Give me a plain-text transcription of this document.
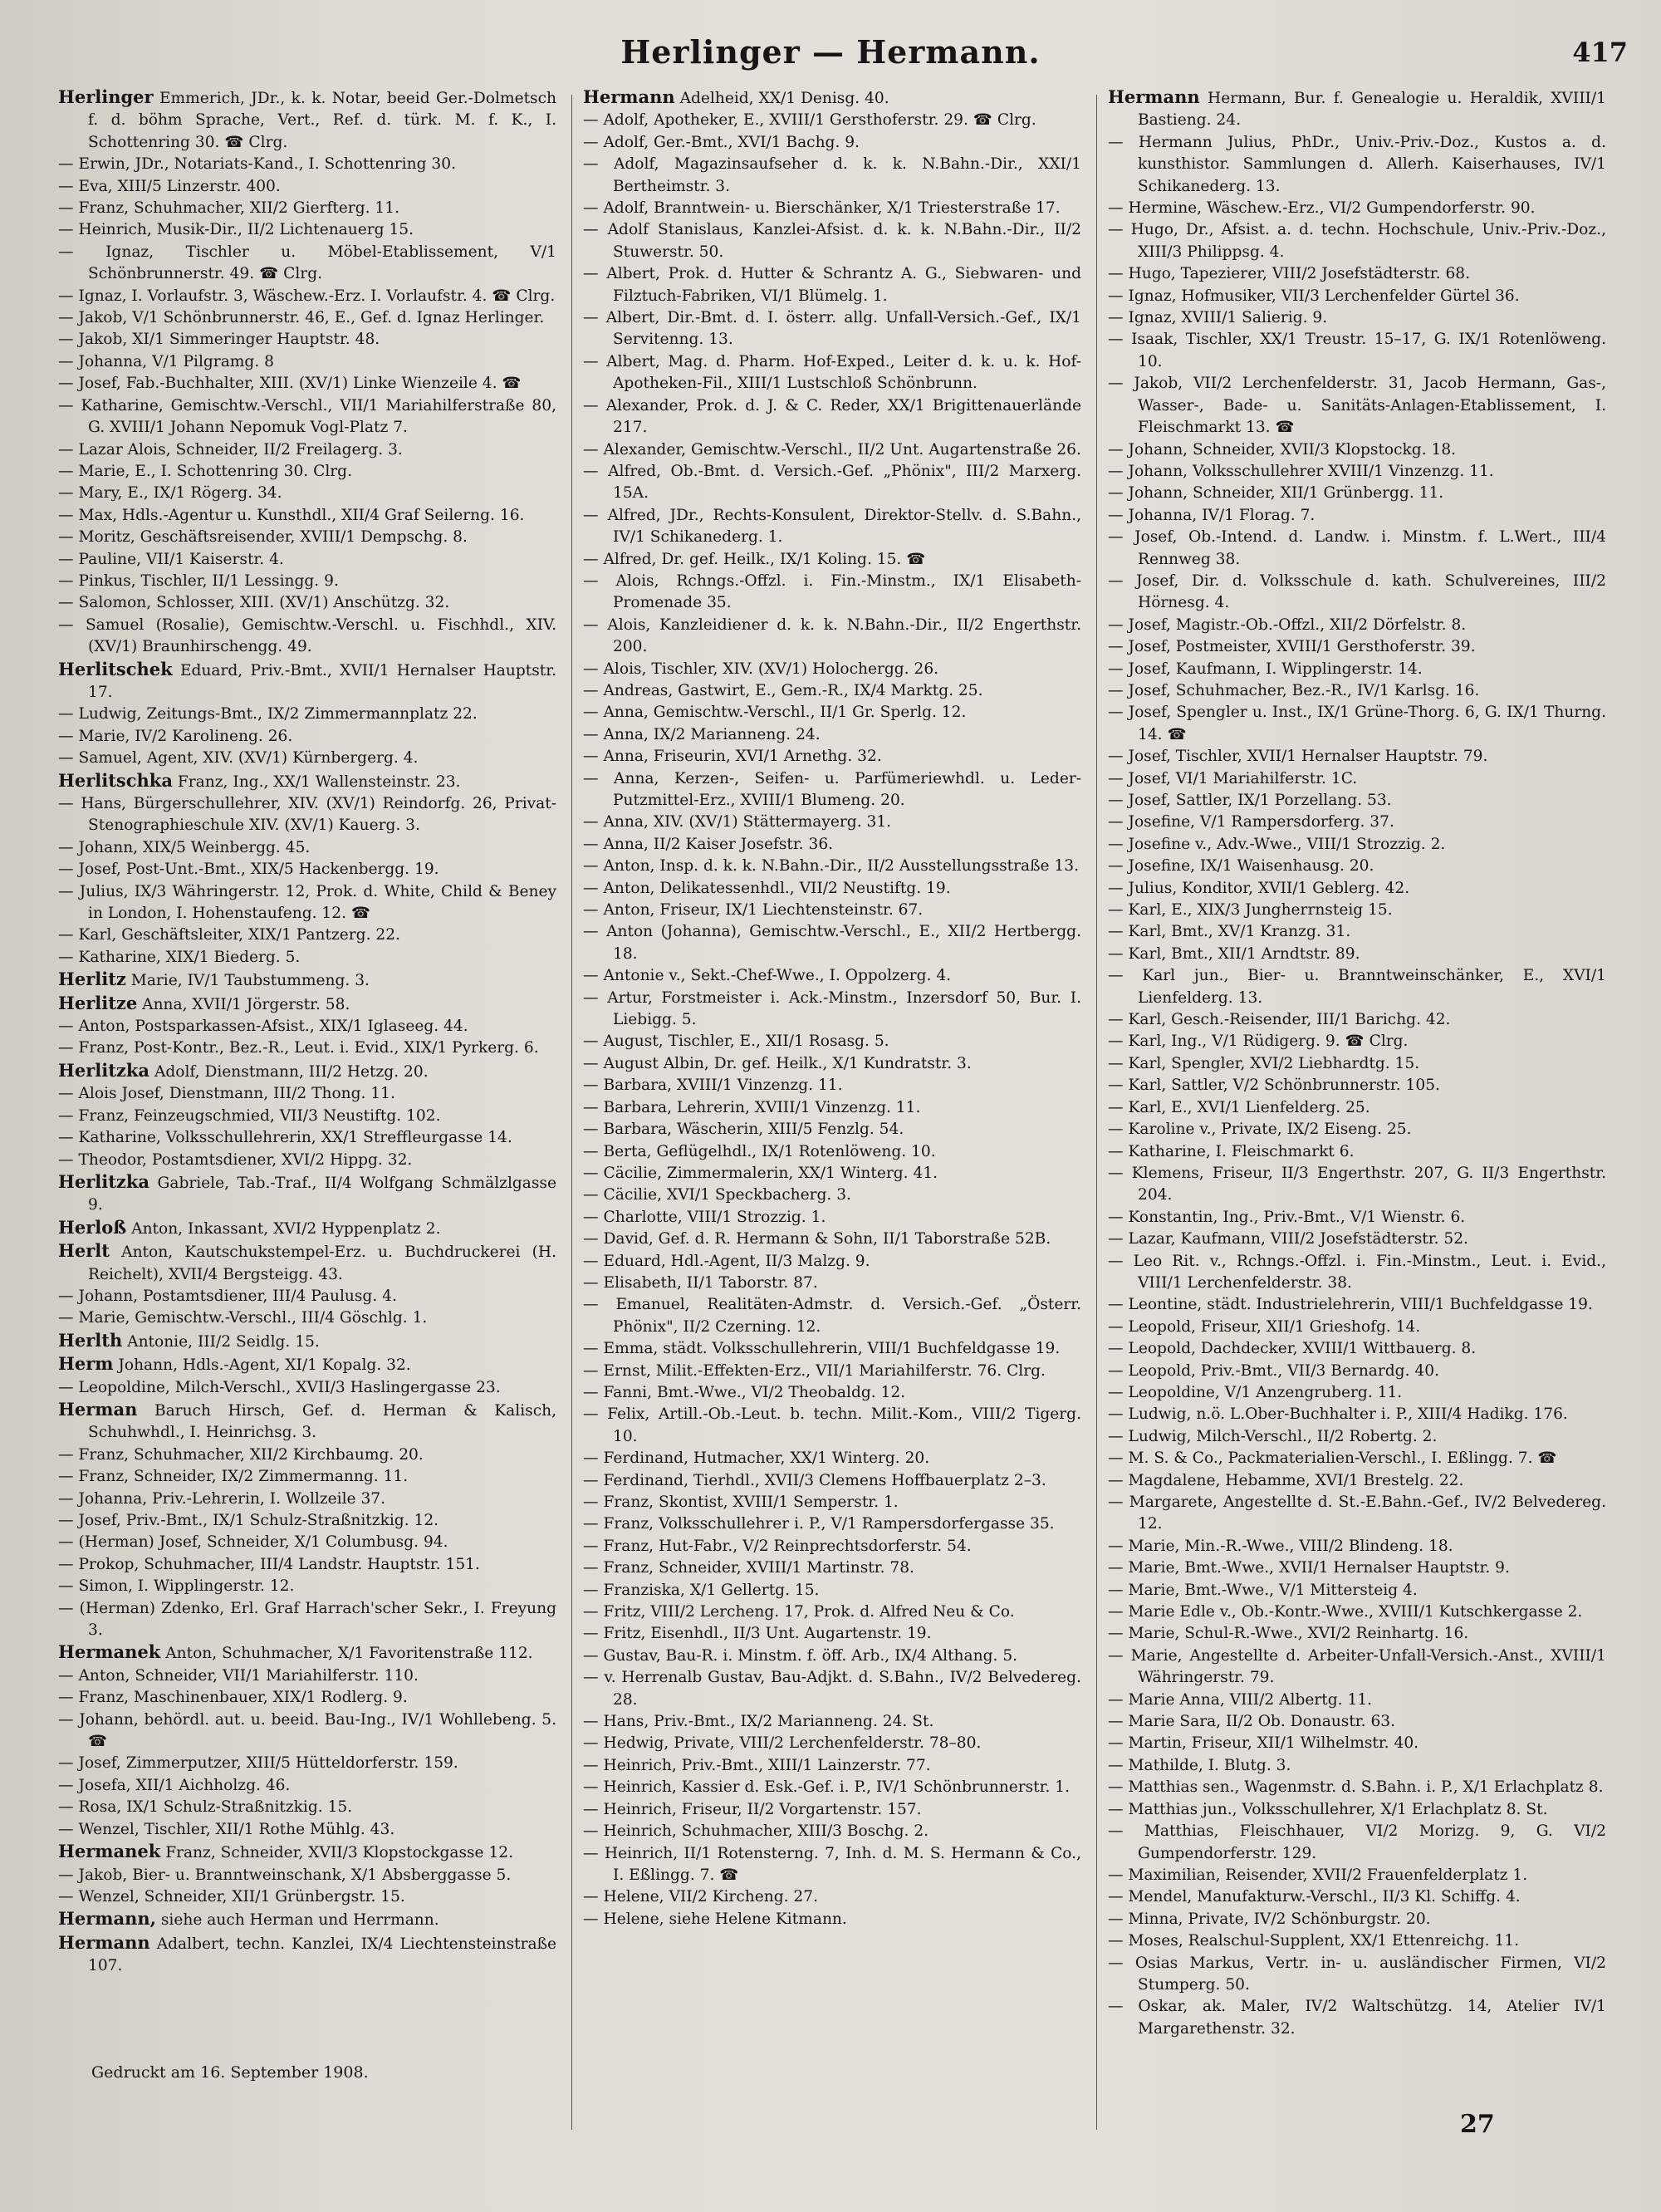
Herlinger — Hermann.	417

Herlinger Emmerich, JDr., k. k. Notar, beeid Ger.-Dolmetsch f. d. böhm Sprache, Vert., Ref. d. türk. M. f. K., I. Schottenring 30. ☎ Clrg.

— Erwin, JDr., Notariats-Kand., I. Schottenring 30.

— Eva, XIII/5 Linzerstr. 400.

— Franz, Schuhmacher, XII/2 Gierfterg. 11.

— Heinrich, Musik-Dir., II/2 Lichtenauerg 15.

— Ignaz, Tischler u. Möbel-Etablissement, V/1 Schönbrunnerstr. 49. ☎ Clrg.

— Ignaz, I. Vorlaufstr. 3, Wäschew.-Erz. I. Vorlaufstr. 4. ☎ Clrg.

— Jakob, V/1 Schönbrunnerstr. 46, E., Gef. d. Ignaz Herlinger.

— Jakob, XI/1 Simmeringer Hauptstr. 48.

— Johanna, V/1 Pilgramg. 8

— Josef, Fab.-Buchhalter, XIII. (XV/1) Linke Wienzeile 4. ☎

— Katharine, Gemischtw.-Verschl., VII/1 Mariahilferstraße 80, G. XVIII/1 Johann Nepomuk Vogl-Platz 7.

— Lazar Alois, Schneider, II/2 Freilagerg. 3.

— Marie, E., I. Schottenring 30. Clrg.

— Mary, E., IX/1 Rögerg. 34.

— Max, Hdls.-Agentur u. Kunsthdl., XII/4 Graf Seilerng. 16.

— Moritz, Geschäftsreisender, XVIII/1 Dempschg. 8.

— Pauline, VII/1 Kaiserstr. 4.

— Pinkus, Tischler, II/1 Lessingg. 9.

— Salomon, Schlosser, XIII. (XV/1) Anschützg. 32.

— Samuel (Rosalie), Gemischtw.-Verschl. u. Fischhdl., XIV. (XV/1) Braunhirschengg. 49.

Herlitschek Eduard, Priv.-Bmt., XVII/1 Hernalser Hauptstr. 17.

— Ludwig, Zeitungs-Bmt., IX/2 Zimmermannplatz 22.

— Marie, IV/2 Karolineng. 26.

— Samuel, Agent, XIV. (XV/1) Kürnbergerg. 4.

Herlitschka Franz, Ing., XX/1 Wallensteinstr. 23.

— Hans, Bürgerschullehrer, XIV. (XV/1) Reindorfg. 26, Privat-Stenographieschule XIV. (XV/1) Kauerg. 3.

— Johann, XIX/5 Weinbergg. 45.

— Josef, Post-Unt.-Bmt., XIX/5 Hackenbergg. 19.

— Julius, IX/3 Währingerstr. 12, Prok. d. White, Child & Beney in London, I. Hohenstaufeng. 12. ☎

— Karl, Geschäftsleiter, XIX/1 Pantzerg. 22.

— Katharine, XIX/1 Biederg. 5.

Herlitz Marie, IV/1 Taubstummeng. 3.

Herlitze Anna, XVII/1 Jörgerstr. 58.

— Anton, Postsparkassen-Afsist., XIX/1 Iglaseeg. 44.

— Franz, Post-Kontr., Bez.-R., Leut. i. Evid., XIX/1 Pyrkerg. 6.

Herlitzka Adolf, Dienstmann, III/2 Hetzg. 20.

— Alois Josef, Dienstmann, III/2 Thong. 11.

— Franz, Feinzeugschmied, VII/3 Neustiftg. 102.

— Katharine, Volksschullehrerin, XX/1 Streffleurgasse 14.

— Theodor, Postamtsdiener, XVI/2 Hippg. 32.

Herlitzka Gabriele, Tab.-Traf., II/4 Wolfgang Schmälzlgasse 9.

Herloß Anton, Inkassant, XVI/2 Hyppenplatz 2.

Herlt Anton, Kautschukstempel-Erz. u. Buchdruckerei (H. Reichelt), XVII/4 Bergsteigg. 43.

— Johann, Postamtsdiener, III/4 Paulusg. 4.

— Marie, Gemischtw.-Verschl., III/4 Göschlg. 1.

Herlth Antonie, III/2 Seidlg. 15.

Herm Johann, Hdls.-Agent, XI/1 Kopalg. 32.

— Leopoldine, Milch-Verschl., XVII/3 Haslingergasse 23.

Herman Baruch Hirsch, Gef. d. Herman & Kalisch, Schuhwhdl., I. Heinrichsg. 3.

— Franz, Schuhmacher, XII/2 Kirchbaumg. 20.

— Franz, Schneider, IX/2 Zimmermanng. 11.

— Johanna, Priv.-Lehrerin, I. Wollzeile 37.

— Josef, Priv.-Bmt., IX/1 Schulz-Straßnitzkig. 12.

— (Herman) Josef, Schneider, X/1 Columbusg. 94.

— Prokop, Schuhmacher, III/4 Landstr. Hauptstr. 151.

— Simon, I. Wipplingerstr. 12.

— (Herman) Zdenko, Erl. Graf Harrach'scher Sekr., I. Freyung 3.

Hermanek Anton, Schuhmacher, X/1 Favoritenstraße 112.

— Anton, Schneider, VII/1 Mariahilferstr. 110.

— Franz, Maschinenbauer, XIX/1 Rodlerg. 9.

— Johann, behördl. aut. u. beeid. Bau-Ing., IV/1 Wohllebeng. 5. ☎

— Josef, Zimmerputzer, XIII/5 Hütteldorferstr. 159.

— Josefa, XII/1 Aichholzg. 46.

— Rosa, IX/1 Schulz-Straßnitzkig. 15.

— Wenzel, Tischler, XII/1 Rothe Mühlg. 43.

Hermanek Franz, Schneider, XVII/3 Klopstockgasse 12.

— Jakob, Bier- u. Branntweinschank, X/1 Absberggasse 5.

— Wenzel, Schneider, XII/1 Grünbergstr. 15.

Hermann, siehe auch Herman und Herrmann.

Hermann Adalbert, techn. Kanzlei, IX/4 Liechtensteinstraße 107.

Hermann Adelheid, XX/1 Denisg. 40.

— Adolf, Apotheker, E., XVIII/1 Gersthoferstr. 29. ☎ Clrg.

— Adolf, Ger.-Bmt., XVI/1 Bachg. 9.

— Adolf, Magazinsaufseher d. k. k. N.Bahn.-Dir., XXI/1 Bertheimstr. 3.

— Adolf, Branntwein- u. Bierschänker, X/1 Triesterstraße 17.

— Adolf Stanislaus, Kanzlei-Afsist. d. k. k. N.Bahn.-Dir., II/2 Stuwerstr. 50.

— Albert, Prok. d. Hutter & Schrantz A. G., Siebwaren- und Filztuch-Fabriken, VI/1 Blümelg. 1.

— Albert, Dir.-Bmt. d. I. österr. allg. Unfall-Versich.-Gef., IX/1 Servitenng. 13.

— Albert, Mag. d. Pharm. Hof-Exped., Leiter d. k. u. k. Hof-Apotheken-Fil., XIII/1 Lustschloß Schönbrunn.

— Alexander, Prok. d. J. & C. Reder, XX/1 Brigittenauerlände 217.

— Alexander, Gemischtw.-Verschl., II/2 Unt. Augartenstraße 26.

— Alfred, Ob.-Bmt. d. Versich.-Gef. „Phönix", III/2 Marxerg. 15A.

— Alfred, JDr., Rechts-Konsulent, Direktor-Stellv. d. S.Bahn., IV/1 Schikanederg. 1.

— Alfred, Dr. gef. Heilk., IX/1 Koling. 15. ☎

— Alois, Rchngs.-Offzl. i. Fin.-Minstm., IX/1 Elisabeth-Promenade 35.

— Alois, Kanzleidiener d. k. k. N.Bahn.-Dir., II/2 Engerthstr. 200.

— Alois, Tischler, XIV. (XV/1) Holochergg. 26.

— Andreas, Gastwirt, E., Gem.-R., IX/4 Marktg. 25.

— Anna, Gemischtw.-Verschl., II/1 Gr. Sperlg. 12.

— Anna, IX/2 Marianneng. 24.

— Anna, Friseurin, XVI/1 Arnethg. 32.

— Anna, Kerzen-, Seifen- u. Parfümeriewhdl. u. Leder-Putzmittel-Erz., XVIII/1 Blumeng. 20.

— Anna, XIV. (XV/1) Stättermayerg. 31.

— Anna, II/2 Kaiser Josefstr. 36.

— Anton, Insp. d. k. k. N.Bahn.-Dir., II/2 Ausstellungsstraße 13.

— Anton, Delikatessenhdl., VII/2 Neustiftg. 19.

— Anton, Friseur, IX/1 Liechtensteinstr. 67.

— Anton (Johanna), Gemischtw.-Verschl., E., XII/2 Hertbergg. 18.

— Antonie v., Sekt.-Chef-Wwe., I. Oppolzerg. 4.

— Artur, Forstmeister i. Ack.-Minstm., Inzersdorf 50, Bur. I. Liebigg. 5.

— August, Tischler, E., XII/1 Rosasg. 5.

— August Albin, Dr. gef. Heilk., X/1 Kundratstr. 3.

— Barbara, XVIII/1 Vinzenzg. 11.

— Barbara, Lehrerin, XVIII/1 Vinzenzg. 11.

— Barbara, Wäscherin, XIII/5 Fenzlg. 54.

— Berta, Geflügelhdl., IX/1 Rotenlöweng. 10.

— Cäcilie, Zimmermalerin, XX/1 Winterg. 41.

— Cäcilie, XVI/1 Speckbacherg. 3.

— Charlotte, VIII/1 Strozzig. 1.

— David, Gef. d. R. Hermann & Sohn, II/1 Taborstraße 52B.

— Eduard, Hdl.-Agent, II/3 Malzg. 9.

— Elisabeth, II/1 Taborstr. 87.

— Emanuel, Realitäten-Admstr. d. Versich.-Gef. „Österr. Phönix", II/2 Czerning. 12.

— Emma, städt. Volksschullehrerin, VIII/1 Buchfeldgasse 19.

— Ernst, Milit.-Effekten-Erz., VII/1 Mariahilferstr. 76. Clrg.

— Fanni, Bmt.-Wwe., VI/2 Theobaldg. 12.

— Felix, Artill.-Ob.-Leut. b. techn. Milit.-Kom., VIII/2 Tigerg. 10.

— Ferdinand, Hutmacher, XX/1 Winterg. 20.

— Ferdinand, Tierhdl., XVII/3 Clemens Hoffbauerplatz 2–3.

— Franz, Skontist, XVIII/1 Semperstr. 1.

— Franz, Volksschullehrer i. P., V/1 Rampersdorfergasse 35.

— Franz, Hut-Fabr., V/2 Reinprechtsdorferstr. 54.

— Franz, Schneider, XVIII/1 Martinstr. 78.

— Franziska, X/1 Gellertg. 15.

— Fritz, VIII/2 Lercheng. 17, Prok. d. Alfred Neu & Co.

— Fritz, Eisenhdl., II/3 Unt. Augartenstr. 19.

— Gustav, Bau-R. i. Minstm. f. öff. Arb., IX/4 Althang. 5.

— v. Herrenalb Gustav, Bau-Adjkt. d. S.Bahn., IV/2 Belvedereg. 28.

— Hans, Priv.-Bmt., IX/2 Marianneng. 24. St.

— Hedwig, Private, VIII/2 Lerchenfelderstr. 78–80.

— Heinrich, Priv.-Bmt., XIII/1 Lainzerstr. 77.

— Heinrich, Kassier d. Esk.-Gef. i. P., IV/1 Schönbrunnerstr. 1.

— Heinrich, Friseur, II/2 Vorgartenstr. 157.

— Heinrich, Schuhmacher, XIII/3 Boschg. 2.

— Heinrich, II/1 Rotensterng. 7, Inh. d. M. S. Hermann & Co., I. Eßlingg. 7. ☎

— Helene, VII/2 Kircheng. 27.

— Helene, siehe Helene Kitmann.

Hermann Hermann, Bur. f. Genealogie u. Heraldik, XVIII/1 Bastieng. 24.

— Hermann Julius, PhDr., Univ.-Priv.-Doz., Kustos a. d. kunsthistor. Sammlungen d. Allerh. Kaiserhauses, IV/1 Schikanederg. 13.

— Hermine, Wäschew.-Erz., VI/2 Gumpendorferstr. 90.

— Hugo, Dr., Afsist. a. d. techn. Hochschule, Univ.-Priv.-Doz., XIII/3 Philippsg. 4.

— Hugo, Tapezierer, VIII/2 Josefstädterstr. 68.

— Ignaz, Hofmusiker, VII/3 Lerchenfelder Gürtel 36.

— Ignaz, XVIII/1 Salierig. 9.

— Isaak, Tischler, XX/1 Treustr. 15–17, G. IX/1 Rotenlöweng. 10.

— Jakob, VII/2 Lerchenfelderstr. 31, Jacob Hermann, Gas-, Wasser-, Bade- u. Sanitäts-Anlagen-Etablissement, I. Fleischmarkt 13. ☎

— Johann, Schneider, XVII/3 Klopstockg. 18.

— Johann, Volksschullehrer XVIII/1 Vinzenzg. 11.

— Johann, Schneider, XII/1 Grünbergg. 11.

— Johanna, IV/1 Florag. 7.

— Josef, Ob.-Intend. d. Landw. i. Minstm. f. L.Wert., III/4 Rennweg 38.

— Josef, Dir. d. Volksschule d. kath. Schulvereines, III/2 Hörnesg. 4.

— Josef, Magistr.-Ob.-Offzl., XII/2 Dörfelstr. 8.

— Josef, Postmeister, XVIII/1 Gersthoferstr. 39.

— Josef, Kaufmann, I. Wipplingerstr. 14.

— Josef, Schuhmacher, Bez.-R., IV/1 Karlsg. 16.

— Josef, Spengler u. Inst., IX/1 Grüne-Thorg. 6, G. IX/1 Thurng. 14. ☎

— Josef, Tischler, XVII/1 Hernalser Hauptstr. 79.

— Josef, VI/1 Mariahilferstr. 1C.

— Josef, Sattler, IX/1 Porzellang. 53.

— Josefine, V/1 Rampersdorferg. 37.

— Josefine v., Adv.-Wwe., VIII/1 Strozzig. 2.

— Josefine, IX/1 Waisenhausg. 20.

— Julius, Konditor, XVII/1 Geblerg. 42.

— Karl, E., XIX/3 Jungherrnsteig 15.

— Karl, Bmt., XV/1 Kranzg. 31.

— Karl, Bmt., XII/1 Arndtstr. 89.

— Karl jun., Bier- u. Branntweinschänker, E., XVI/1 Lienfelderg. 13.

— Karl, Gesch.-Reisender, III/1 Barichg. 42.

— Karl, Ing., V/1 Rüdigerg. 9. ☎ Clrg.

— Karl, Spengler, XVI/2 Liebhardtg. 15.

— Karl, Sattler, V/2 Schönbrunnerstr. 105.

— Karl, E., XVI/1 Lienfelderg. 25.

— Karoline v., Private, IX/2 Eiseng. 25.

— Katharine, I. Fleischmarkt 6.

— Klemens, Friseur, II/3 Engerthstr. 207, G. II/3 Engerthstr. 204.

— Konstantin, Ing., Priv.-Bmt., V/1 Wienstr. 6.

— Lazar, Kaufmann, VIII/2 Josefstädterstr. 52.

— Leo Rit. v., Rchngs.-Offzl. i. Fin.-Minstm., Leut. i. Evid., VIII/1 Lerchenfelderstr. 38.

— Leontine, städt. Industrielehrerin, VIII/1 Buchfeldgasse 19.

— Leopold, Friseur, XII/1 Grieshofg. 14.

— Leopold, Dachdecker, XVIII/1 Wittbauerg. 8.

— Leopold, Priv.-Bmt., VII/3 Bernardg. 40.

— Leopoldine, V/1 Anzengruberg. 11.

— Ludwig, n.ö. L.Ober-Buchhalter i. P., XIII/4 Hadikg. 176.

— Ludwig, Milch-Verschl., II/2 Robertg. 2.

— M. S. & Co., Packmaterialien-Verschl., I. Eßlingg. 7. ☎

— Magdalene, Hebamme, XVI/1 Brestelg. 22.

— Margarete, Angestellte d. St.-E.Bahn.-Gef., IV/2 Belvedereg. 12.

— Marie, Min.-R.-Wwe., VIII/2 Blindeng. 18.

— Marie, Bmt.-Wwe., XVII/1 Hernalser Hauptstr. 9.

— Marie, Bmt.-Wwe., V/1 Mittersteig 4.

— Marie Edle v., Ob.-Kontr.-Wwe., XVIII/1 Kutschkergasse 2.

— Marie, Schul-R.-Wwe., XVI/2 Reinhartg. 16.

— Marie, Angestellte d. Arbeiter-Unfall-Versich.-Anst., XVIII/1 Währingerstr. 79.

— Marie Anna, VIII/2 Albertg. 11.

— Marie Sara, II/2 Ob. Donaustr. 63.

— Martin, Friseur, XII/1 Wilhelmstr. 40.

— Mathilde, I. Blutg. 3.

— Matthias sen., Wagenmstr. d. S.Bahn. i. P., X/1 Erlachplatz 8.

— Matthias jun., Volksschullehrer, X/1 Erlachplatz 8. St.

— Matthias, Fleischhauer, VI/2 Morizg. 9, G. VI/2 Gumpendorferstr. 129.

— Maximilian, Reisender, XVII/2 Frauenfelderplatz 1.

— Mendel, Manufakturw.-Verschl., II/3 Kl. Schiffg. 4.

— Minna, Private, IV/2 Schönburgstr. 20.

— Moses, Realschul-Supplent, XX/1 Ettenreichg. 11.

— Osias Markus, Vertr. in- u. ausländischer Firmen, VI/2 Stumperg. 50.

— Oskar, ak. Maler, IV/2 Waltschützg. 14, Atelier IV/1 Margarethenstr. 32.

Gedruckt am 16. September 1908.
27
